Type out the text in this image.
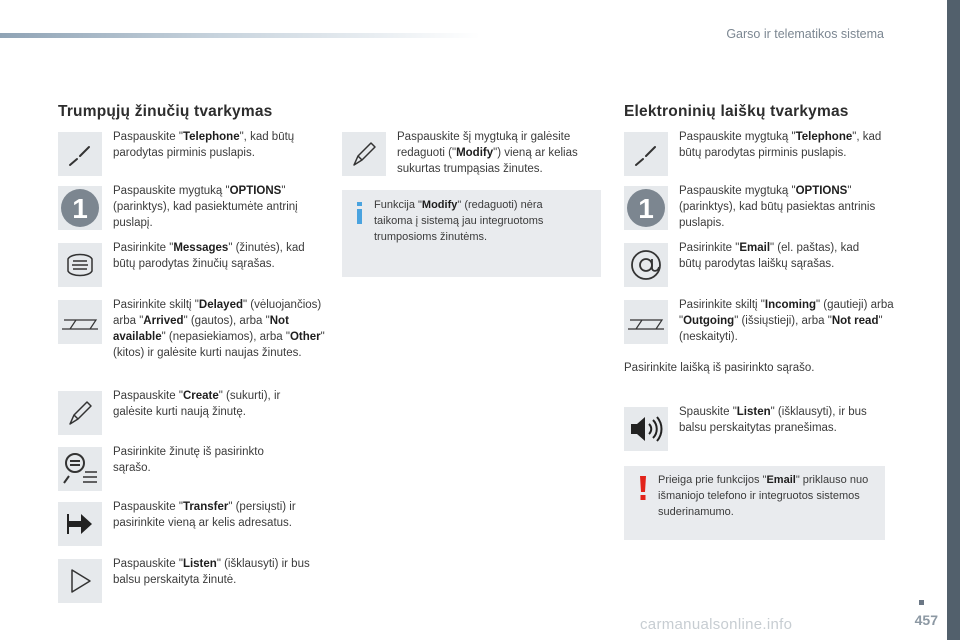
Garso ir telematikos sistema
Trumpųjų žinučių tvarkymas
Paspauskite "Telephone", kad būtų parodytas pirminis puslapis.
1
Paspauskite mygtuką "OPTIONS" (parinktys), kad pasiektumėte antrinį puslapį.
Pasirinkite "Messages" (žinutės), kad būtų parodytas žinučių sąrašas.
Pasirinkite skiltį "Delayed" (vėluojančios) arba "Arrived" (gautos), arba "Not available" (nepasiekiamos), arba "Other" (kitos) ir galėsite kurti naujas žinutes.
Paspauskite "Create" (sukurti), ir galėsite kurti naują žinutę.
Pasirinkite žinutę iš pasirinkto sąrašo.
Paspauskite "Transfer" (persiųsti) ir pasirinkite vieną ar kelis adresatus.
Paspauskite "Listen" (išklausyti) ir bus balsu perskaityta žinutė.
Paspauskite šį mygtuką ir galėsite redaguoti ("Modify") vieną ar kelias sukurtas trumpąsias žinutes.
Funkcija "Modify" (redaguoti) nėra taikoma į sistemą jau integruotoms trumposioms žinutėms.
Elektroninių laiškų tvarkymas
Paspauskite mygtuką "Telephone", kad būtų parodytas pirminis puslapis.
1
Paspauskite mygtuką "OPTIONS" (parinktys), kad būtų pasiektas antrinis puslapis.
Pasirinkite "Email" (el. paštas), kad būtų parodytas laiškų sąrašas.
Pasirinkite skiltį "Incoming" (gautieji) arba "Outgoing" (išsiųstieji), arba "Not read" (neskaityti).
Pasirinkite laišką iš pasirinkto sąrašo.
Spauskite "Listen" (išklausyti), ir bus balsu perskaitytas pranešimas.
Prieiga prie funkcijos "Email" priklauso nuo išmaniojo telefono ir integruotos sistemos suderinamumo.
carmanualsonline.info	457
